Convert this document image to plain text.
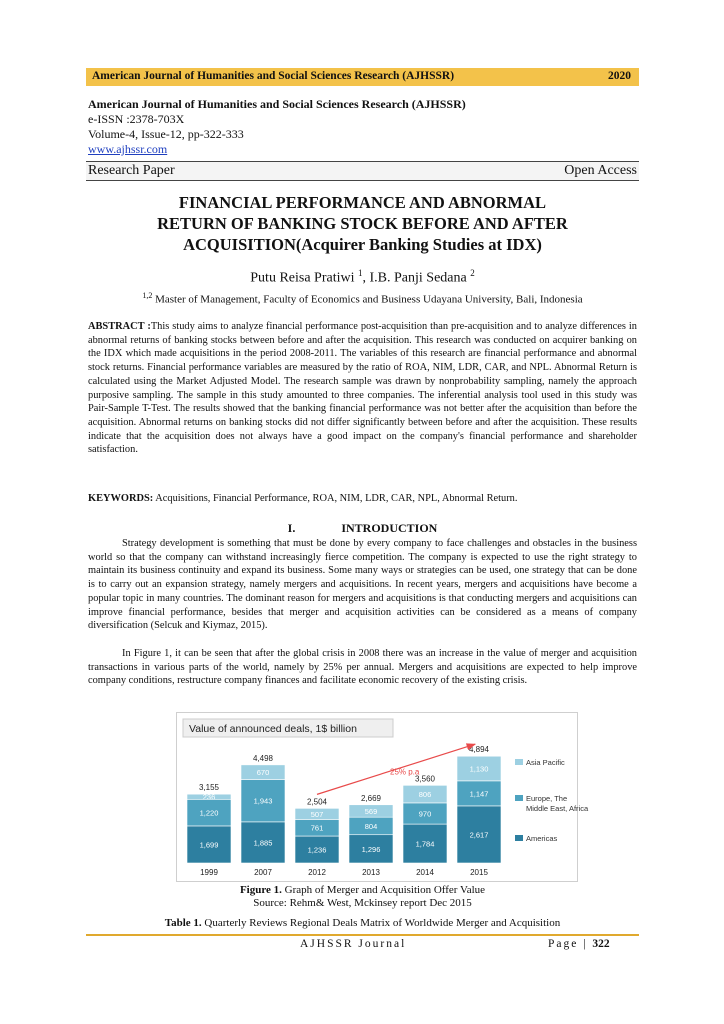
American Journal of Humanities and Social Sciences Research (AJHSSR)	2020
American Journal of Humanities and Social Sciences Research (AJHSSR)
e-ISSN :2378-703X
Volume-4, Issue-12, pp-322-333
www.ajhssr.com
Research Paper	Open Access
FINANCIAL PERFORMANCE AND ABNORMAL
RETURN OF BANKING STOCK BEFORE AND AFTER
ACQUISITION(Acquirer Banking Studies at IDX)
Putu Reisa Pratiwi $^1$, I.B. Panji Sedana $^2$
$^{1,2}$ Master of Management, Faculty of Economics and Business Udayana University, Bali, Indonesia
ABSTRACT :This study aims to analyze financial performance post-acquisition than pre-acquisition and to analyze differences in abnormal returns of banking stocks between before and after the acquisition. This research was conducted on acquirer banking on the IDX which made acquisitions in the period 2008-2011. The variables of this research are financial performance and abnormal stock returns. Financial performance variables are measured by the ratio of ROA, NIM, LDR, CAR, and NPL. Abnormal Return is calculated using the Market Adjusted Model. The research sample was drawn by nonprobability sampling, namely the approach purposive sampling. The sample in this study amounted to three companies. The inferential analysis tool used in this study was Pair-Sample T-Test. The results showed that the banking financial performance was not better after the acquisition than before the acquisition. Abnormal returns on banking stocks did not differ significantly between before and after the acquisition. These results indicate that the acquisition does not always have a good impact on the company's financial performance and shareholder satisfaction.
KEYWORDS: Acquisitions, Financial Performance, ROA, NIM, LDR, CAR, NPL, Abnormal Return.
I.	INTRODUCTION
Strategy development is something that must be done by every company to face challenges and obstacles in the business world so that the company can withstand increasingly fierce competition. The company is expected to use the right strategy to maintain its business continuity and expand its business. Some many ways or strategies can be used, one strategy that can be done is to carry out an expansion strategy, namely mergers and acquisitions. In recent years, mergers and acquisitions have become a popular topic in many countries. The dominant reason for mergers and acquisitions is that conducting mergers and acquisitions can improve financial performance, besides that merger and acquisition activities can be considered as a means of company diversification (Selcuk and Kiymaz, 2015).
In Figure 1, it can be seen that after the global crisis in 2008 there was an increase in the value of merger and acquisition transactions in various parts of the world, namely by 25% per annual. Mergers and acquisitions are expected to help improve company conditions, restructure company finances and facilitate economic recovery of the existing crisis.
Value of announced deals, 1$ billion
1,699
1,220
236
3,155
1999
1,885
1,943
670
4,498
2007
1,236
761
507
2,504
2012
1,296
804
569
2,669
2013
1,784
970
806
3,560
2014
2,617
1,147
1,130
4,894
2015
25% p.a
Asia Pacific
Europe, The
Middle East, Africa
Americas
Figure 1. Graph of Merger and Acquisition Offer Value
Source: Rehm& West, Mckinsey report Dec 2015
Table 1. Quarterly Reviews Regional Deals Matrix of Worldwide Merger and Acquisition
AJHSSR Journal	Page | 322
